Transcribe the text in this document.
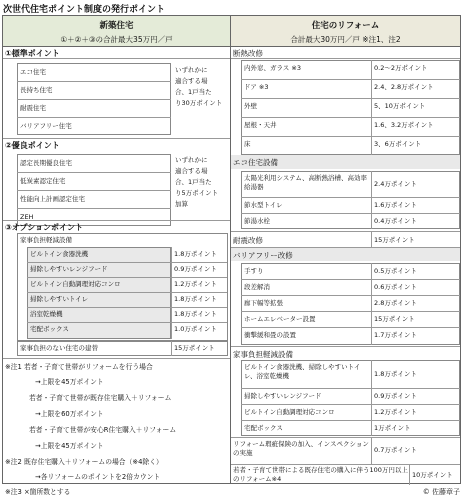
次世代住宅ポイント制度の発行ポイント
新築住宅
①＋②＋③の合計最大35万円／戸
①標準ポイント
エコ住宅
長持ち住宅
耐震住宅
バリアフリー住宅
いずれかに
適合する場
合、1戸当た
り30万ポイント
②優良ポイント
認定長期優良住宅
低炭素認定住宅
性能向上計画認定住宅
ZEH
いずれかに
適合する場
合、1戸当た
り5万ポイント
加算
③オプションポイント
家事負担軽減設備
ビルトイン食器洗機	1.8万ポイント
掃除しやすいレンジフード	0.9万ポイント
ビルトイン自動調理対応コンロ	1.2万ポイント
掃除しやすいトイレ	1.8万ポイント
浴室乾燥機	1.8万ポイント
宅配ボックス	1.0万ポイント
家事負担のない住宅の建替	15万ポイント
※注1 若者・子育て世帯がリフォームを行う場合
→上限を45万ポイント
若者・子育て世帯が既存住宅購入＋リフォーム
→上限を60万ポイント
若者・子育て世帯が安心R住宅購入＋リフォーム
→上限を45万ポイント
※注2 既存住宅購入＋リフォームの場合（※4除く）
→各リフォームのポイントを2倍カウント
※注3 ×箇所数とする
住宅のリフォーム
合計最大30万円／戸 ※注1、注2
断熱改修
内外窓、ガラス ※3	0.2〜2万ポイント
ドア ※3	2.4、2.8万ポイント
外壁	5、10万ポイント
屋根・天井	1.6、3.2万ポイント
床	3、6万ポイント
エコ住宅設備
太陽光利用システム、高断熱浴槽、高効率給湯器	2.4万ポイント
節水型トイレ	1.6万ポイント
節湯水栓	0.4万ポイント
耐震改修	15万ポイント
バリアフリー改修
手すり	0.5万ポイント
段差解消	0.6万ポイント
廊下幅等拡張	2.8万ポイント
ホームエレベーター設置	15万ポイント
衝撃緩和畳の設置	1.7万ポイント
家事負担軽減設備
ビルトイン食器洗機、掃除しやすいトイレ、浴室乾燥機	1.8万ポイント
掃除しやすいレンジフード	0.9万ポイント
ビルトイン自動調理対応コンロ	1.2万ポイント
宅配ボックス	1万ポイント
リフォーム瑕疵保険の加入、インスペクションの実施	0.7万ポイント
若者・子育て世帯による既存住宅の購入に伴う100万円以上のリフォーム※4	10万ポイント
© 佐藤章子
